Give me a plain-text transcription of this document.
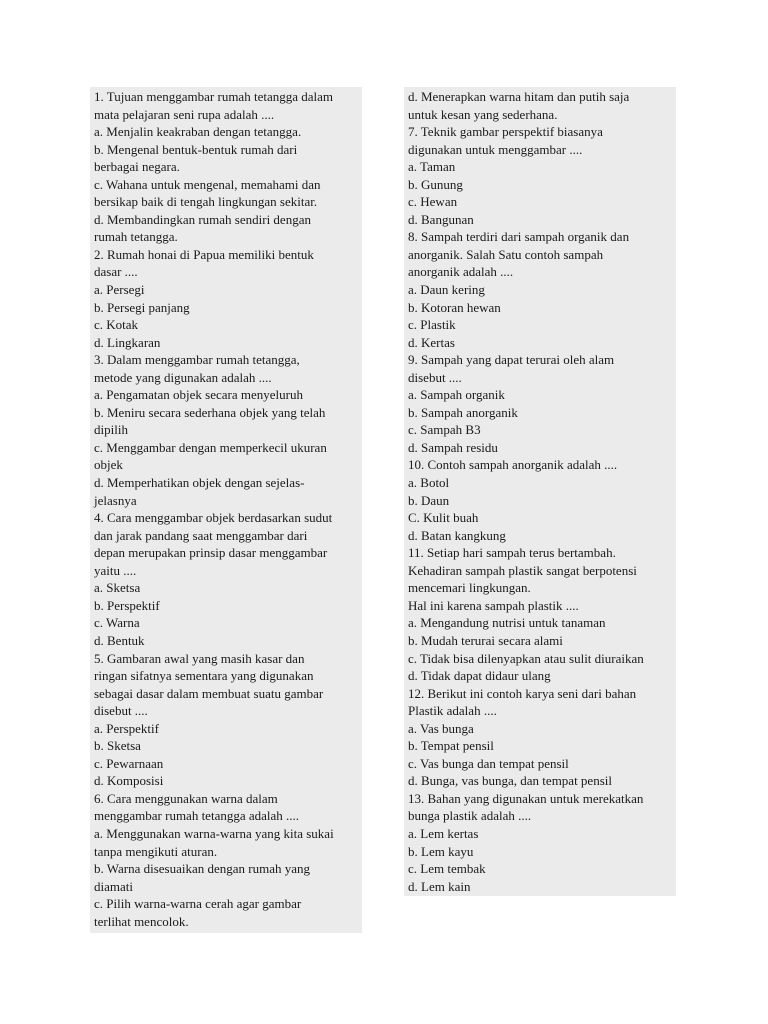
1. Tujuan menggambar rumah tetangga dalam
mata pelajaran seni rupa adalah ....
a. Menjalin keakraban dengan tetangga.
b. Mengenal bentuk-bentuk rumah dari
berbagai negara.
c. Wahana untuk mengenal, memahami dan
bersikap baik di tengah lingkungan sekitar.
d. Membandingkan rumah sendiri dengan
rumah tetangga.
2. Rumah honai di Papua memiliki bentuk
dasar ....
a. Persegi
b. Persegi panjang
c. Kotak
d. Lingkaran
3. Dalam menggambar rumah tetangga,
metode yang digunakan adalah ....
a. Pengamatan objek secara menyeluruh
b. Meniru secara sederhana objek yang telah
dipilih
c. Menggambar dengan memperkecil ukuran
objek
d. Memperhatikan objek dengan sejelas-
jelasnya
4. Cara menggambar objek berdasarkan sudut
dan jarak pandang saat menggambar dari
depan merupakan prinsip dasar menggambar
yaitu ....
a. Sketsa
b. Perspektif
c. Warna
d. Bentuk
5. Gambaran awal yang masih kasar dan
ringan sifatnya sementara yang digunakan
sebagai dasar dalam membuat suatu gambar
disebut ....
a. Perspektif
b. Sketsa
c. Pewarnaan
d. Komposisi
6. Cara menggunakan warna dalam
menggambar rumah tetangga adalah ....
a. Menggunakan warna-warna yang kita sukai
tanpa mengikuti aturan.
b. Warna disesuaikan dengan rumah yang
diamati
c. Pilih warna-warna cerah agar gambar
terlihat mencolok.
d. Menerapkan warna hitam dan putih saja
untuk kesan yang sederhana.
7. Teknik gambar perspektif biasanya
digunakan untuk menggambar ....
a. Taman
b. Gunung
c. Hewan
d. Bangunan
8. Sampah terdiri dari sampah organik dan
anorganik. Salah Satu contoh sampah
anorganik adalah ....
a. Daun kering
b. Kotoran hewan
c. Plastik
d. Kertas
9. Sampah yang dapat terurai oleh alam
disebut ....
a. Sampah organik
b. Sampah anorganik
c. Sampah B3
d. Sampah residu
10. Contoh sampah anorganik adalah ....
a. Botol
b. Daun
C. Kulit buah
d. Batan kangkung
11. Setiap hari sampah terus bertambah.
Kehadiran sampah plastik sangat berpotensi
mencemari lingkungan.
Hal ini karena sampah plastik ....
a. Mengandung nutrisi untuk tanaman
b. Mudah terurai secara alami
c. Tidak bisa dilenyapkan atau sulit diuraikan
d. Tidak dapat didaur ulang
12. Berikut ini contoh karya seni dari bahan
Plastik adalah ....
a. Vas bunga
b. Tempat pensil
c. Vas bunga dan tempat pensil
d. Bunga, vas bunga, dan tempat pensil
13. Bahan yang digunakan untuk merekatkan
bunga plastik adalah ....
a. Lem kertas
b. Lem kayu
c. Lem tembak
d. Lem kain
